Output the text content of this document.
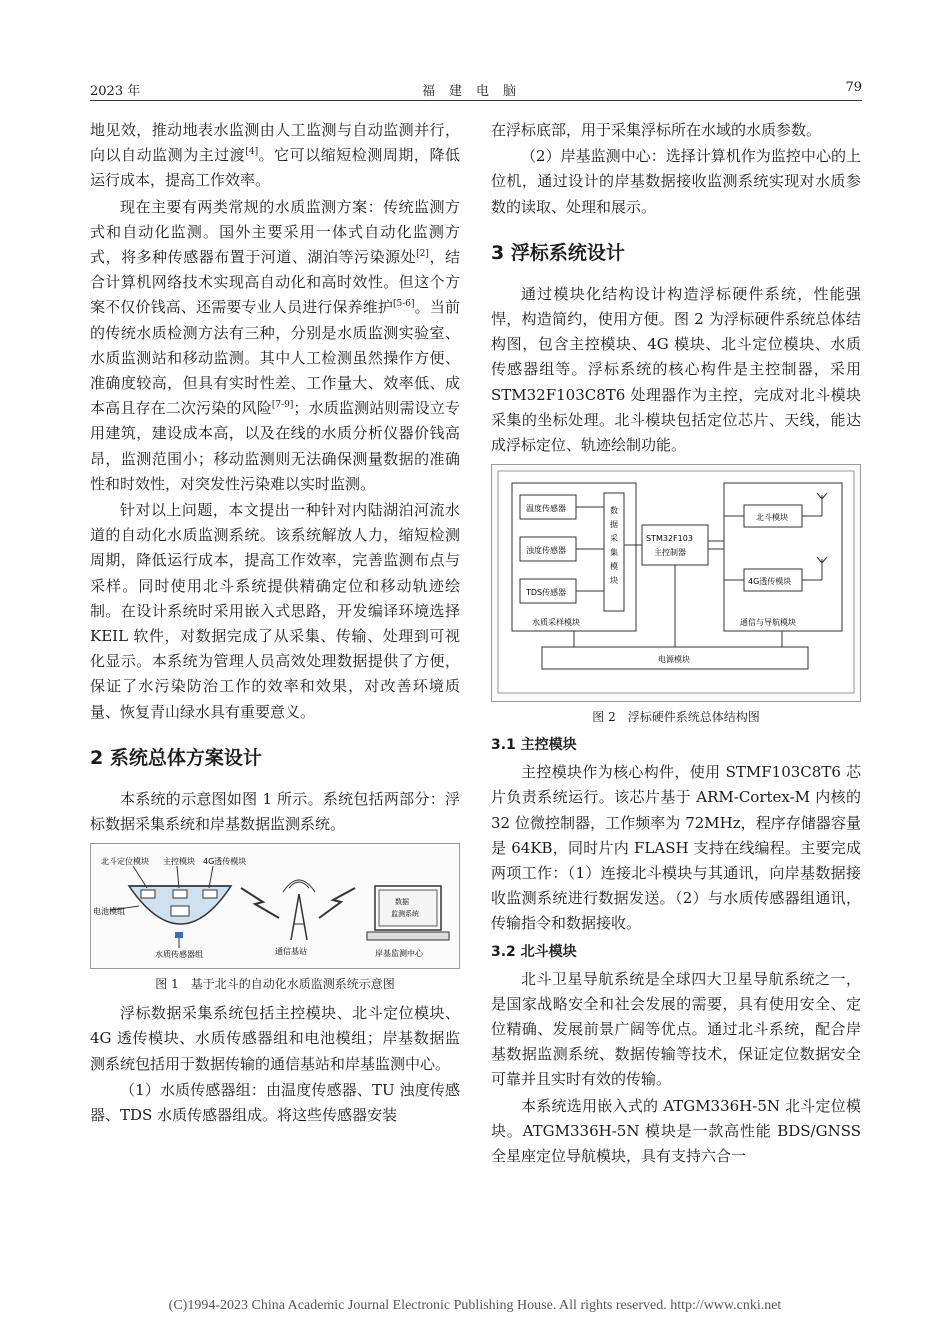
2023 年	福建电脑	79

地见效，推动地表水监测由人工监测与自动监测并行，向以自动监测为主过渡[4]。它可以缩短检测周期，降低运行成本，提高工作效率。

现在主要有两类常规的水质监测方案：传统监测方式和自动化监测。国外主要采用一体式自动化监测方式，将多种传感器布置于河道、湖泊等污染源处[2]，结合计算机网络技术实现高自动化和高时效性。但这个方案不仅价钱高、还需要专业人员进行保养维护[5-6]。当前的传统水质检测方法有三种，分别是水质监测实验室、水质监测站和移动监测。其中人工检测虽然操作方便、准确度较高，但具有实时性差、工作量大、效率低、成本高且存在二次污染的风险[7-9]；水质监测站则需设立专用建筑，建设成本高，以及在线的水质分析仪器价钱高昂，监测范围小；移动监测则无法确保测量数据的准确性和时效性，对突发性污染难以实时监测。

针对以上问题，本文提出一种针对内陆湖泊河流水道的自动化水质监测系统。该系统解放人力，缩短检测周期，降低运行成本，提高工作效率，完善监测布点与采样。同时使用北斗系统提供精确定位和移动轨迹绘制。在设计系统时采用嵌入式思路，开发编译环境选择 KEIL 软件，对数据完成了从采集、传输、处理到可视化显示。本系统为管理人员高效处理数据提供了方便，保证了水污染防治工作的效率和效果，对改善环境质量、恢复青山绿水具有重要意义。

2 系统总体方案设计

本系统的示意图如图 1 所示。系统包括两部分：浮标数据采集系统和岸基数据监测系统。

北斗定位模块 主控模块 4G透传模块
电池模组
水质传感器组	通信基站
数据
监测系统
岸基监测中心
图 1　基于北斗的自动化水质监测系统示意图

浮标数据采集系统包括主控模块、北斗定位模块、4G 透传模块、水质传感器组和电池模组；岸基数据监测系统包括用于数据传输的通信基站和岸基监测中心。

（1）水质传感器组：由温度传感器、TU 浊度传感器、TDS 水质传感器组成。将这些传感器安装

在浮标底部，用于采集浮标所在水域的水质参数。

（2）岸基监测中心：选择计算机作为监控中心的上位机，通过设计的岸基数据接收监测系统实现对水质参数的读取、处理和展示。

3 浮标系统设计

通过模块化结构设计构造浮标硬件系统，性能强悍，构造简约，使用方便。图 2 为浮标硬件系统总体结构图，包含主控模块、4G 模块、北斗定位模块、水质传感器组等。浮标系统的核心构件是主控制器，采用 STM32F103C8T6 处理器作为主控，完成对北斗模块采集的坐标处理。北斗模块包括定位芯片、天线，能达成浮标定位、轨迹绘制功能。

温度传感器
浊度传感器
TDS传感器
数
据
采
集
模
块
水质采样模块
STM32F103
主控制器
北斗模块
4G透传模块
通信与导航模块
电源模块
图 2　浮标硬件系统总体结构图
3.1 主控模块

主控模块作为核心构件，使用 STMF103C8T6 芯片负责系统运行。该芯片基于 ARM-Cortex-M 内核的 32 位微控制器，工作频率为 72MHz，程序存储器容量是 64KB，同时片内 FLASH 支持在线编程。主要完成两项工作：（1）连接北斗模块与其通讯，向岸基数据接收监测系统进行数据发送。（2）与水质传感器组通讯，传输指令和数据接收。

3.2 北斗模块

北斗卫星导航系统是全球四大卫星导航系统之一，是国家战略安全和社会发展的需要，具有使用安全、定位精确、发展前景广阔等优点。通过北斗系统，配合岸基数据监测系统、数据传输等技术，保证定位数据安全可靠并且实时有效的传输。

本系统选用嵌入式的 ATGM336H-5N 北斗定位模块。ATGM336H-5N 模块是一款高性能 BDS/GNSS 全星座定位导航模块，具有支持六合一

(C)1994-2023 China Academic Journal Electronic Publishing House. All rights reserved. http://www.cnki.net
